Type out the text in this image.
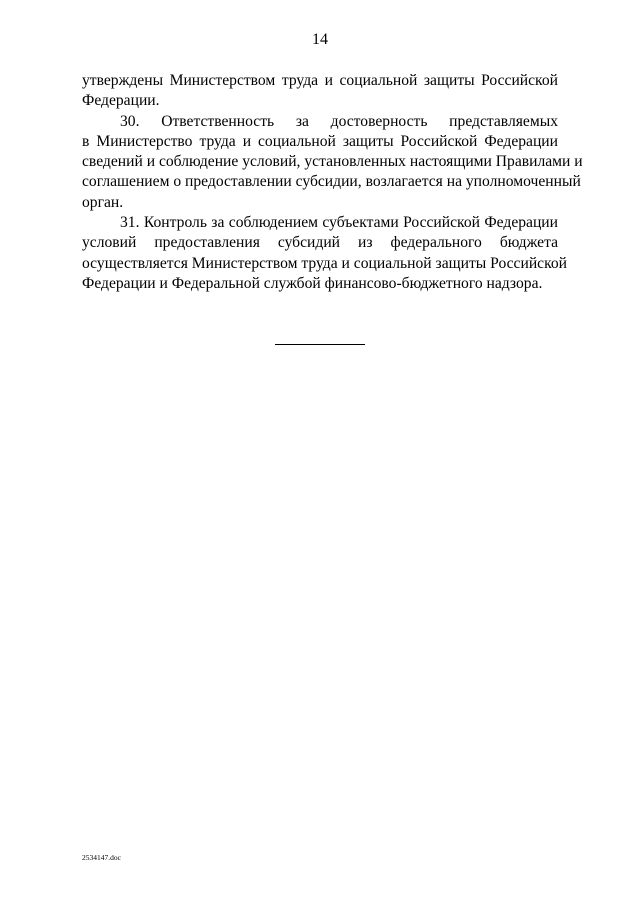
14
утверждены Министерством труда и социальной защиты Российской
Федерации.
30. Ответственность за достоверность представляемых
в Министерство труда и социальной защиты Российской Федерации
сведений и соблюдение условий, установленных настоящими Правилами и
соглашением о предоставлении субсидии, возлагается на уполномоченный
орган.
31. Контроль за соблюдением субъектами Российской Федерации
условий предоставления субсидий из федерального бюджета
осуществляется Министерством труда и социальной защиты Российской
Федерации и Федеральной службой финансово-бюджетного надзора.
2534147.doc
